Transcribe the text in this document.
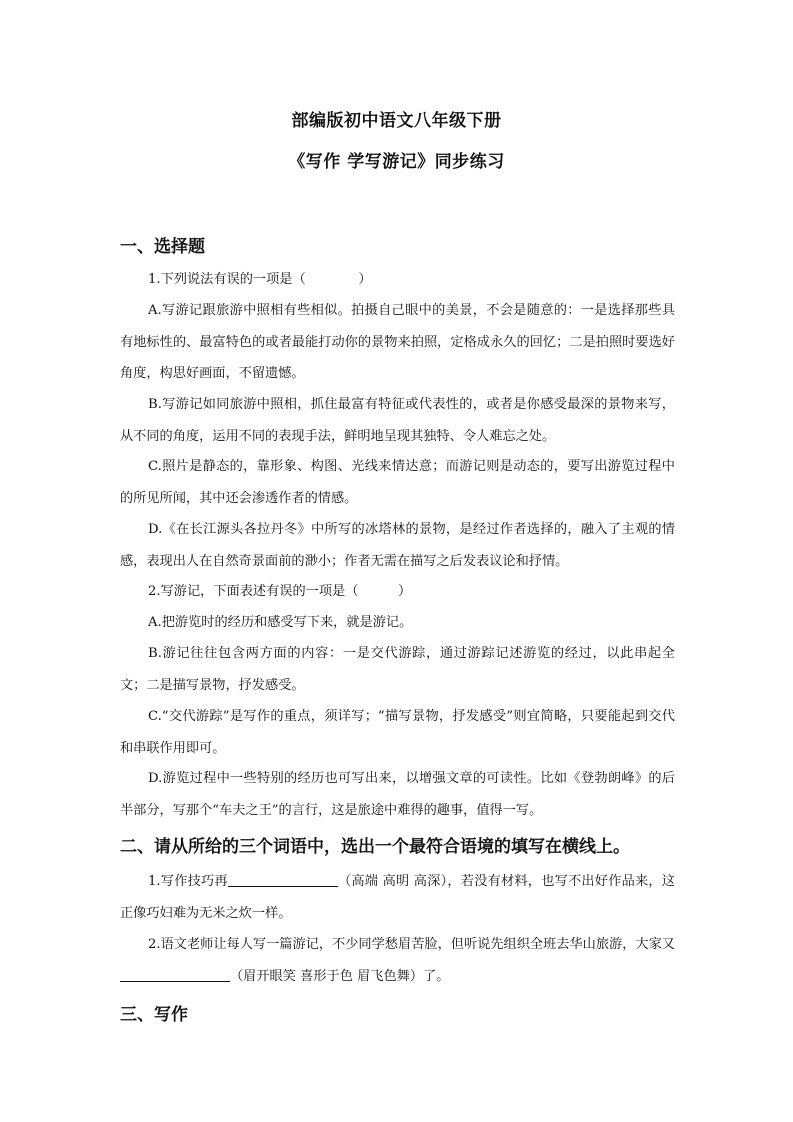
部编版初中语文八年级下册
《写作 学写游记》同步练习
一、选择题

1.下列说法有误的一项是（　　　　）

A.写游记跟旅游中照相有些相似。拍摄自己眼中的美景，不会是随意的：一是选择那些具有地标性的、最富特色的或者最能打动你的景物来拍照，定格成永久的回忆；二是拍照时要选好角度，构思好画面，不留遗憾。

B.写游记如同旅游中照相，抓住最富有特征或代表性的，或者是你感受最深的景物来写，从不同的角度，运用不同的表现手法，鲜明地呈现其独特、令人难忘之处。

C.照片是静态的，靠形象、构图、光线来情达意；而游记则是动态的，要写出游览过程中的所见所闻，其中还会渗透作者的情感。

D.《在长江源头各拉丹冬》中所写的冰塔林的景物，是经过作者选择的，融入了主观的情感，表现出人在自然奇景面前的渺小；作者无需在描写之后发表议论和抒情。

2.写游记，下面表述有误的一项是（　　　）

A.把游览时的经历和感受写下来，就是游记。

B.游记往往包含两方面的内容：一是交代游踪，通过游踪记述游览的经过，以此串起全文；二是描写景物，抒发感受。

C.“交代游踪”是写作的重点，须详写；“描写景物，抒发感受”则宜简略，只要能起到交代和串联作用即可。

D.游览过程中一些特别的经历也可写出来，以增强文章的可读性。比如《登勃朗峰》的后半部分，写那个“车夫之王”的言行，这是旅途中难得的趣事，值得一写。

二、请从所给的三个词语中，选出一个最符合语境的填写在横线上。

1.写作技巧再	（高端 高明 高深），若没有材料，也写不出好作品来，这正像巧妇难为无米之炊一样。

2.语文老师让每人写一篇游记，不少同学愁眉苦脸，但听说先组织全班去华山旅游，大家又（眉开眼笑 喜形于色 眉飞色舞）了。

三、写作
